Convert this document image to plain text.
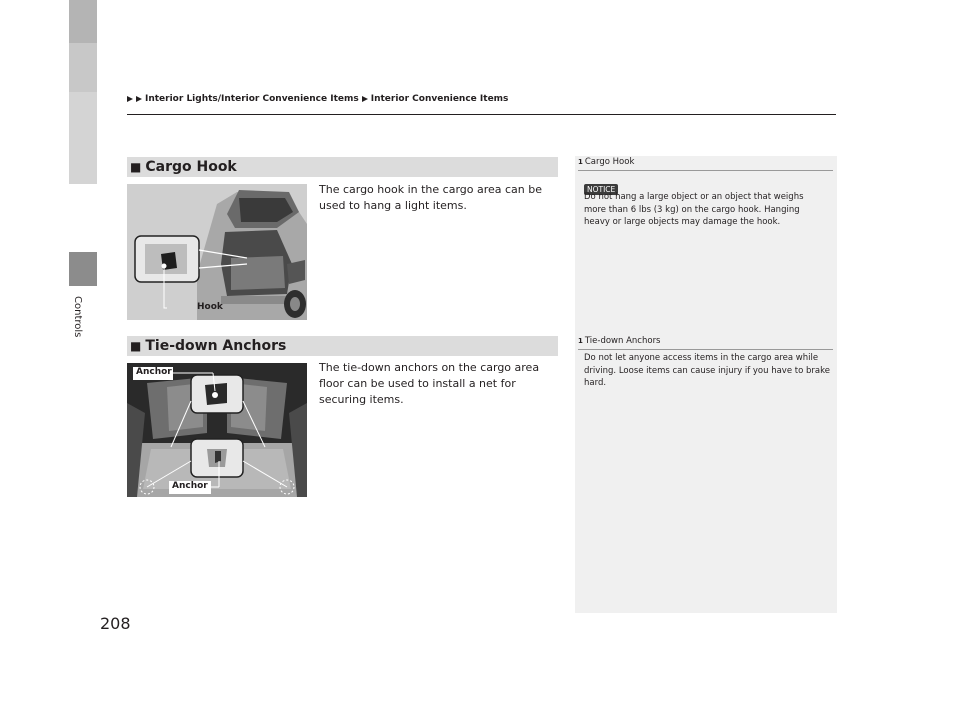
Controls
208
Interior Lights/Interior Convenience Items Interior Convenience Items
■ Cargo Hook
Hook
The cargo hook in the cargo area can be used to hang a light items.
■ Tie-down Anchors
Anchor
Anchor
The tie-down anchors on the cargo area floor can be used to install a net for securing items.
1 Cargo Hook
NOTICE
Do not hang a large object or an object that weighs more than 6 lbs (3 kg) on the cargo hook. Hanging heavy or large objects may damage the hook.
1 Tie-down Anchors
Do not let anyone access items in the cargo area while driving. Loose items can cause injury if you have to brake hard.
